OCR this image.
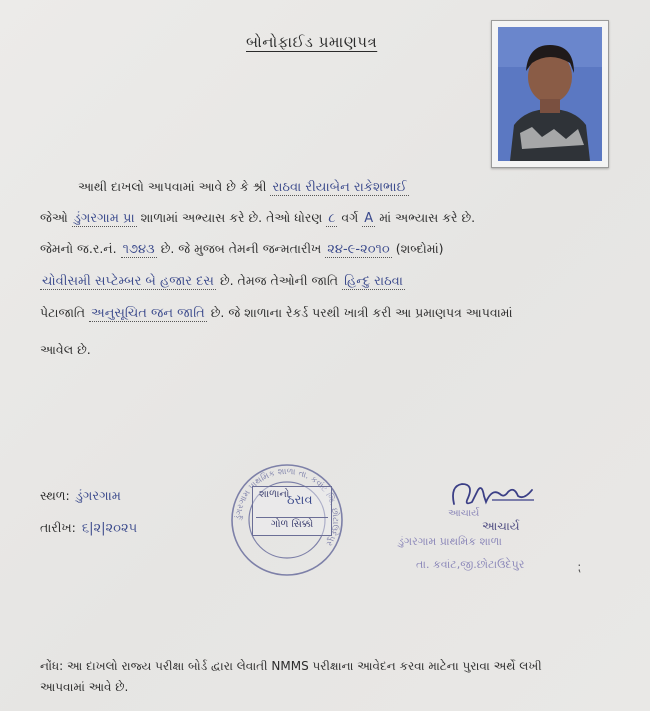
બોનોફાઈડ પ્રમાણપત્ર
આથી દાખલો આપવામાં આવે છે કે શ્રી રાઠવા રીયાબેન રાકેશભાઈ
જેઓ ડુંગરગામ પ્રા શાળામાં અભ્યાસ કરે છે. તેઓ ધોરણ ૮ વર્ગ A માં અભ્યાસ કરે છે.
જેમનો જ.ર.નં. ૧૭૪૩ છે. જે મુજબ તેમની જન્મતારીખ ૨૪-૯-૨૦૧૦ (શબ્દોમાં)
ચોવીસમી સપ્ટેમ્બર બે હજાર દસ છે. તેમજ તેઓની જાતિ હિન્દુ રાઠવા
પેટાજાતિ અનુસૂચિત જન જાતિ છે. જે શાળાના રેકર્ડ પરથી ખાત્રી કરી આ પ્રમાણપત્ર આપવામાં
આવેલ છે.
સ્થળ: ડુંગરગામ
તારીખ: ૬|૨|૨૦૨૫
ડુંગરગામ પ્રાથમિક શાળા તા. કવાંટ જિ. છોટાઉદેપુર
શાળાનો
ઠરાવ
ગોળ સિક્કો
આચાર્ય
આચાર્ય
ડુંગરગામ પ્રાથમિક શાળા
તા. કવાંટ,જી.છોટાઉદેપુર	⁏
નોંધ: આ દાખલો રાજ્ય પરીક્ષા બોર્ડ દ્વારા લેવાતી NMMS પરીક્ષાના આવેદન કરવા માટેના પુરાવા અર્થે લખી
આપવામાં આવે છે.
